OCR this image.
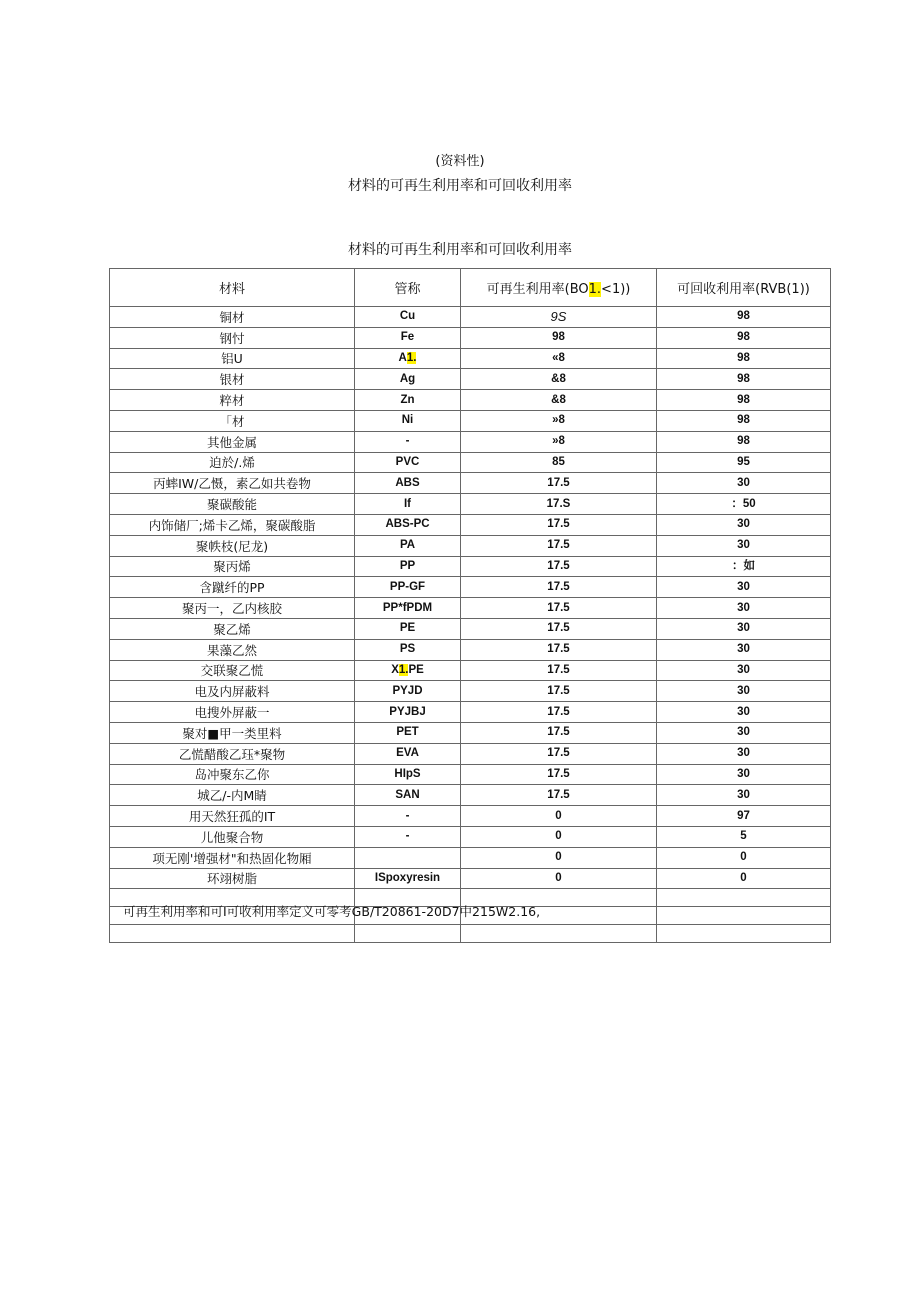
(资料性)
材料的可再生利用率和可回收利用率
材料的可再生利用率和可回收利用率
材料	管称	可再生利用率(BO1.<1))	可回收利用率(RVB(1))
铜材	Cu	9S	98
钢忖	Fe	98	98
铝U	A1.	«8	98
银材	Ag	&8	98
粹材	Zn	&8	98
「材	Ni	»8	98
其他金属	-	»8	98
迫於/.烯	PVC	85	95
丙蟀IW/乙慑，素乙如共卷物	ABS	17.5	30
聚碳酸能	If	17.S	：50
内饰储厂;烯卡乙烯，聚碳酸脂	ABS-PC	17.5	30
聚帙枝(尼龙)	PA	17.5	30
聚丙烯	PP	17.5	：如
含蹴纤的PP	PP-GF	17.5	30
聚丙一，乙内核胶	PP*fPDM	17.5	30
聚乙烯	PE	17.5	30
果藻乙然	PS	17.5	30
交联聚乙慌	X1.PE	17.5	30
电及内屏蔽料	PYJD	17.5	30
电搜外屏蔽一	PYJBJ	17.5	30
聚对■甲一类里料	PET	17.5	30
乙慌醋酸乙珏*聚物	EVA	17.5	30
岛冲聚东乙你	HIpS	17.5	30
城乙/-内M睛	SAN	17.5	30
用天然狂孤的IT	-	0	97
儿他聚合物	-	0	5
项无刚'增强材"和热固化物厢		0	0
环翊树脂	ISpoxyresin	0	0

可再生利用率和可I可收利用率定义可零考GB/T20861-20D7中215W2.16,
